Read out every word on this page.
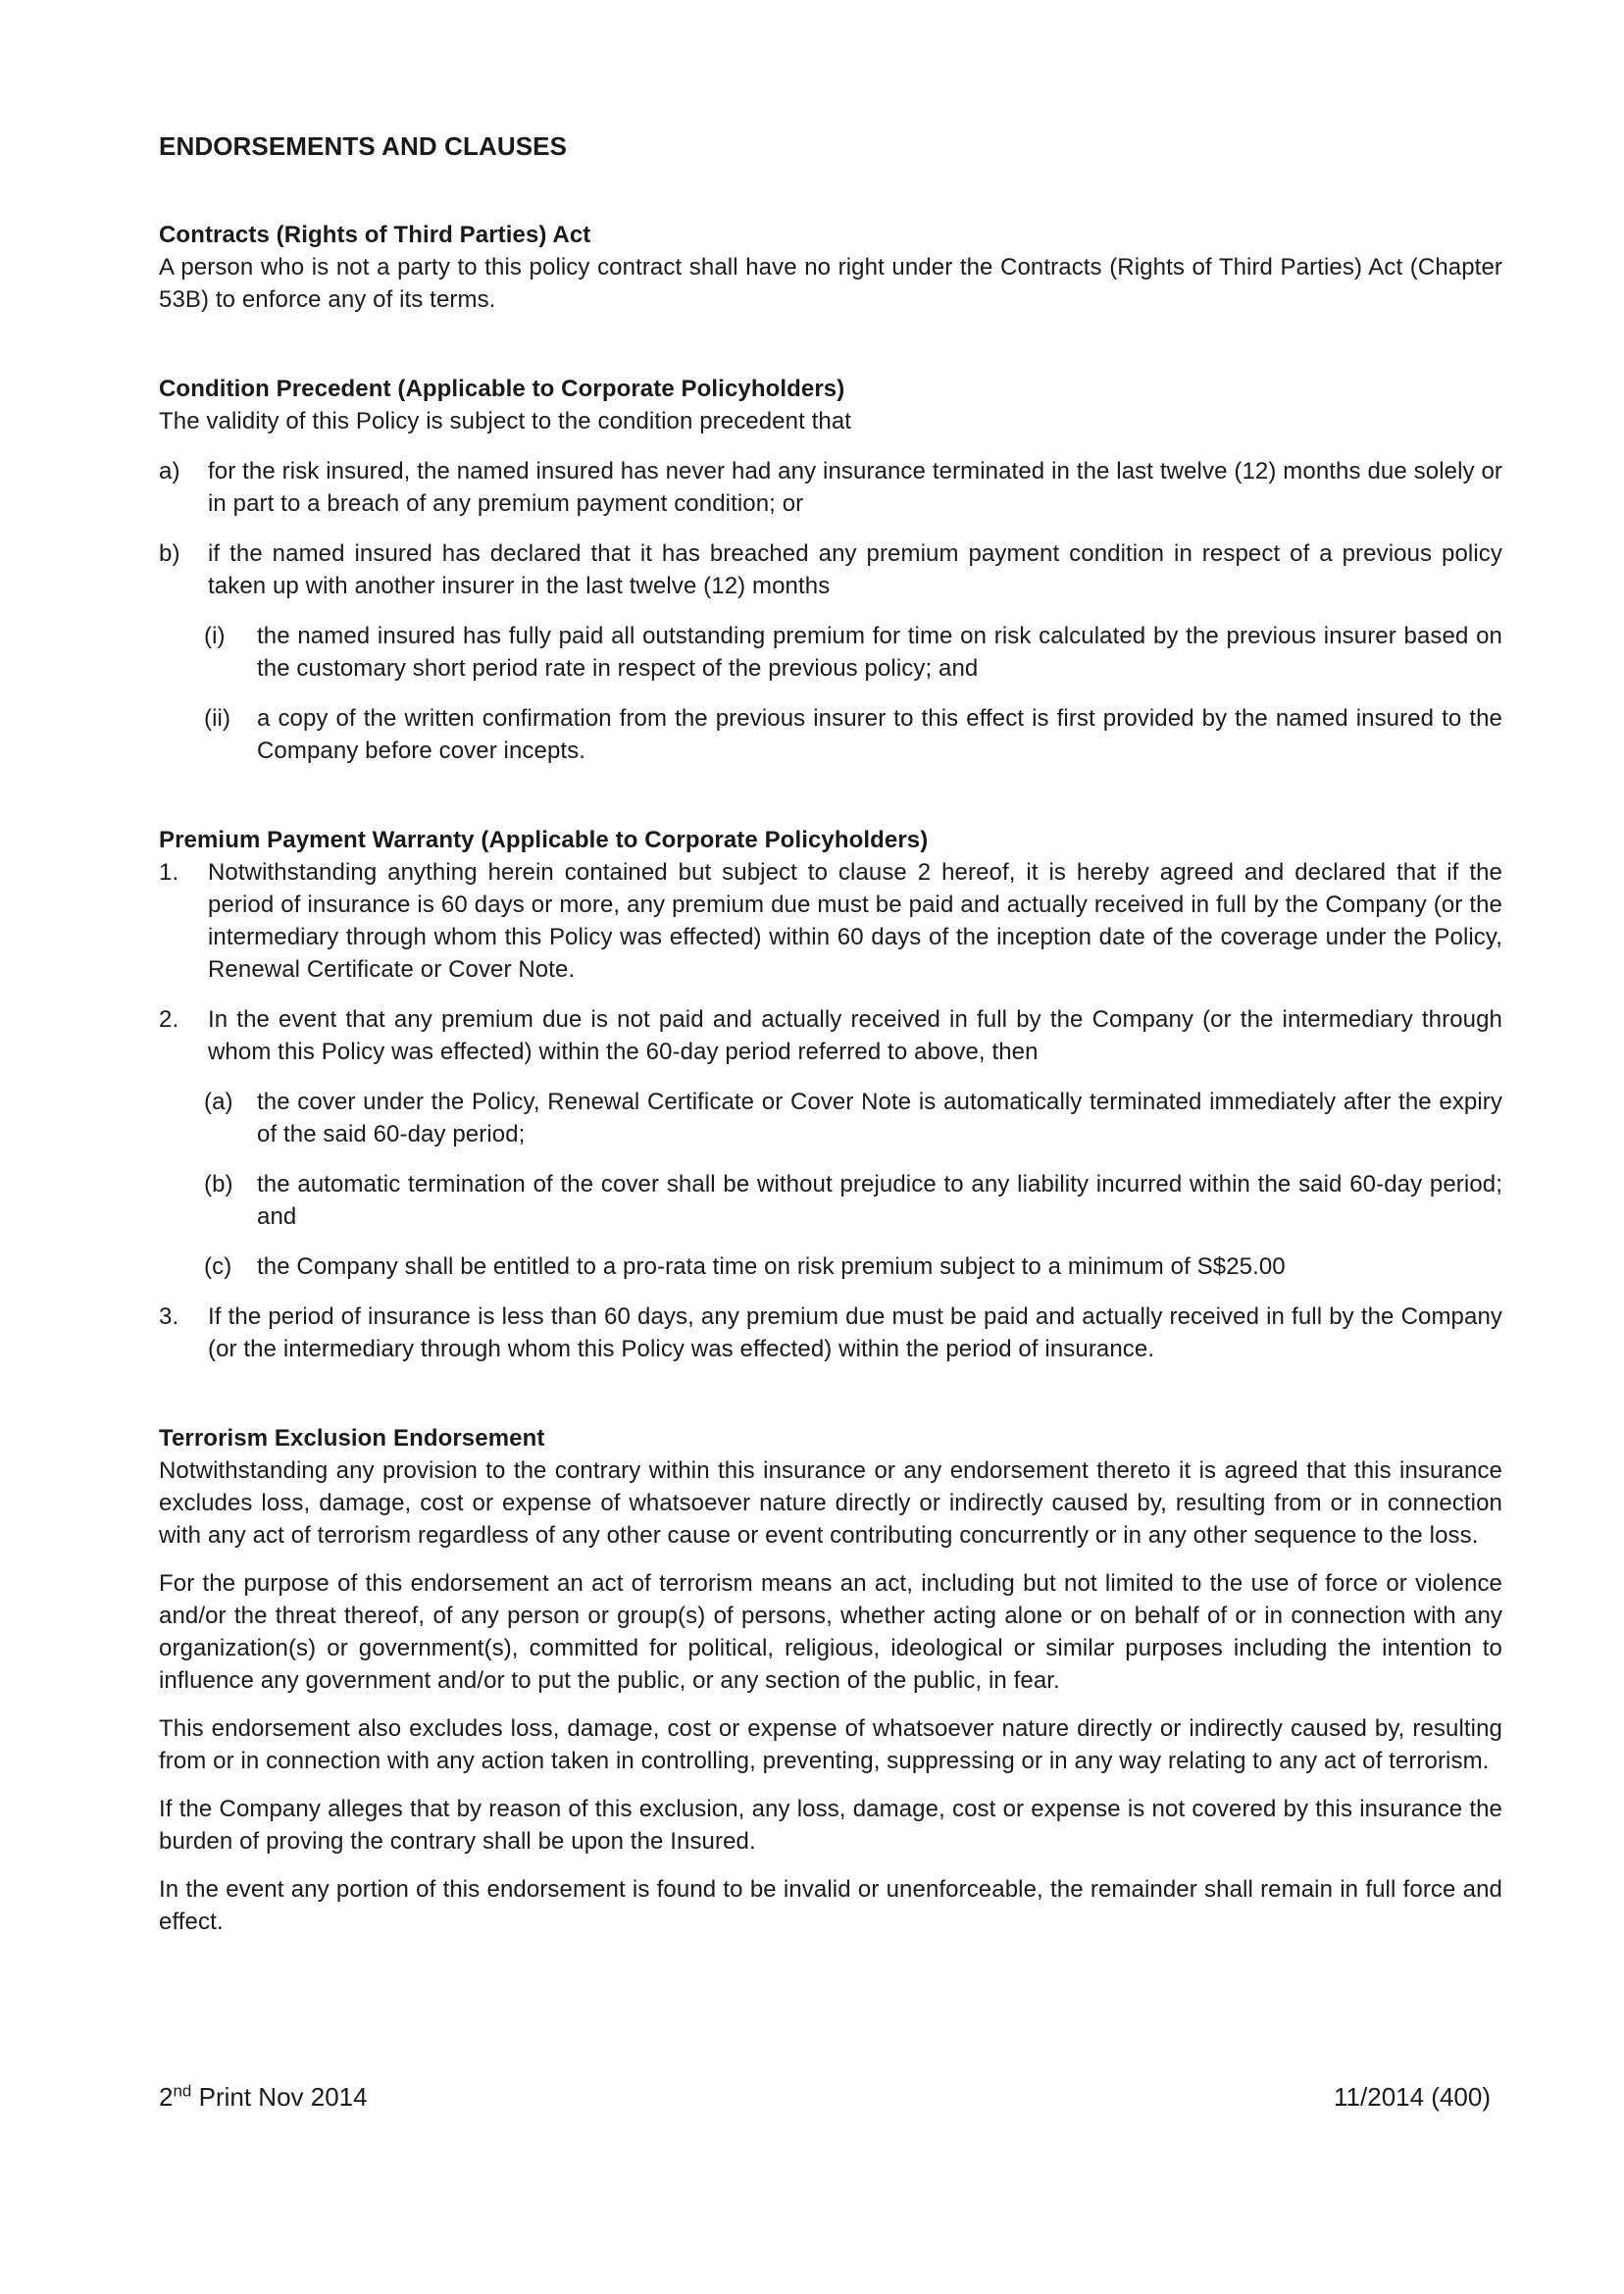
ENDORSEMENTS AND CLAUSES
Contracts (Rights of Third Parties) Act

A person who is not a party to this policy contract shall have no right under the Contracts (Rights of Third Parties) Act (Chapter 53B) to enforce any of its terms.

Condition Precedent (Applicable to Corporate Policyholders)

The validity of this Policy is subject to the condition precedent that

a)	for the risk insured, the named insured has never had any insurance terminated in the last twelve (12) months due solely or in part to a breach of any premium payment condition; or
b)	if the named insured has declared that it has breached any premium payment condition in respect of a previous policy taken up with another insurer in the last twelve (12) months
(i)	the named insured has fully paid all outstanding premium for time on risk calculated by the previous insurer based on the customary short period rate in respect of the previous policy; and
(ii)	a copy of the written confirmation from the previous insurer to this effect is first provided by the named insured to the Company before cover incepts.
Premium Payment Warranty (Applicable to Corporate Policyholders)
1.	Notwithstanding anything herein contained but subject to clause 2 hereof, it is hereby agreed and declared that if the period of insurance is 60 days or more, any premium due must be paid and actually received in full by the Company (or the intermediary through whom this Policy was effected) within 60 days of the inception date of the coverage under the Policy, Renewal Certificate or Cover Note.
2.	In the event that any premium due is not paid and actually received in full by the Company (or the intermediary through whom this Policy was effected) within the 60-day period referred to above, then
(a)	the cover under the Policy, Renewal Certificate or Cover Note is automatically terminated immediately after the expiry of the said 60-day period;
(b)	the automatic termination of the cover shall be without prejudice to any liability incurred within the said 60-day period; and
(c)	the Company shall be entitled to a pro-rata time on risk premium subject to a minimum of S$25.00
3.	If the period of insurance is less than 60 days, any premium due must be paid and actually received in full by the Company (or the intermediary through whom this Policy was effected) within the period of insurance.
Terrorism Exclusion Endorsement

Notwithstanding any provision to the contrary within this insurance or any endorsement thereto it is agreed that this insurance excludes loss, damage, cost or expense of whatsoever nature directly or indirectly caused by, resulting from or in connection with any act of terrorism regardless of any other cause or event contributing concurrently or in any other sequence to the loss.

For the purpose of this endorsement an act of terrorism means an act, including but not limited to the use of force or violence and/or the threat thereof, of any person or group(s) of persons, whether acting alone or on behalf of or in connection with any organization(s) or government(s), committed for political, religious, ideological or similar purposes including the intention to influence any government and/or to put the public, or any section of the public, in fear.

This endorsement also excludes loss, damage, cost or expense of whatsoever nature directly or indirectly caused by, resulting from or in connection with any action taken in controlling, preventing, suppressing or in any way relating to any act of terrorism.

If the Company alleges that by reason of this exclusion, any loss, damage, cost or expense is not covered by this insurance the burden of proving the contrary shall be upon the Insured.

In the event any portion of this endorsement is found to be invalid or unenforceable, the remainder shall remain in full force and effect.

2nd Print Nov 2014	11/2014 (400)
